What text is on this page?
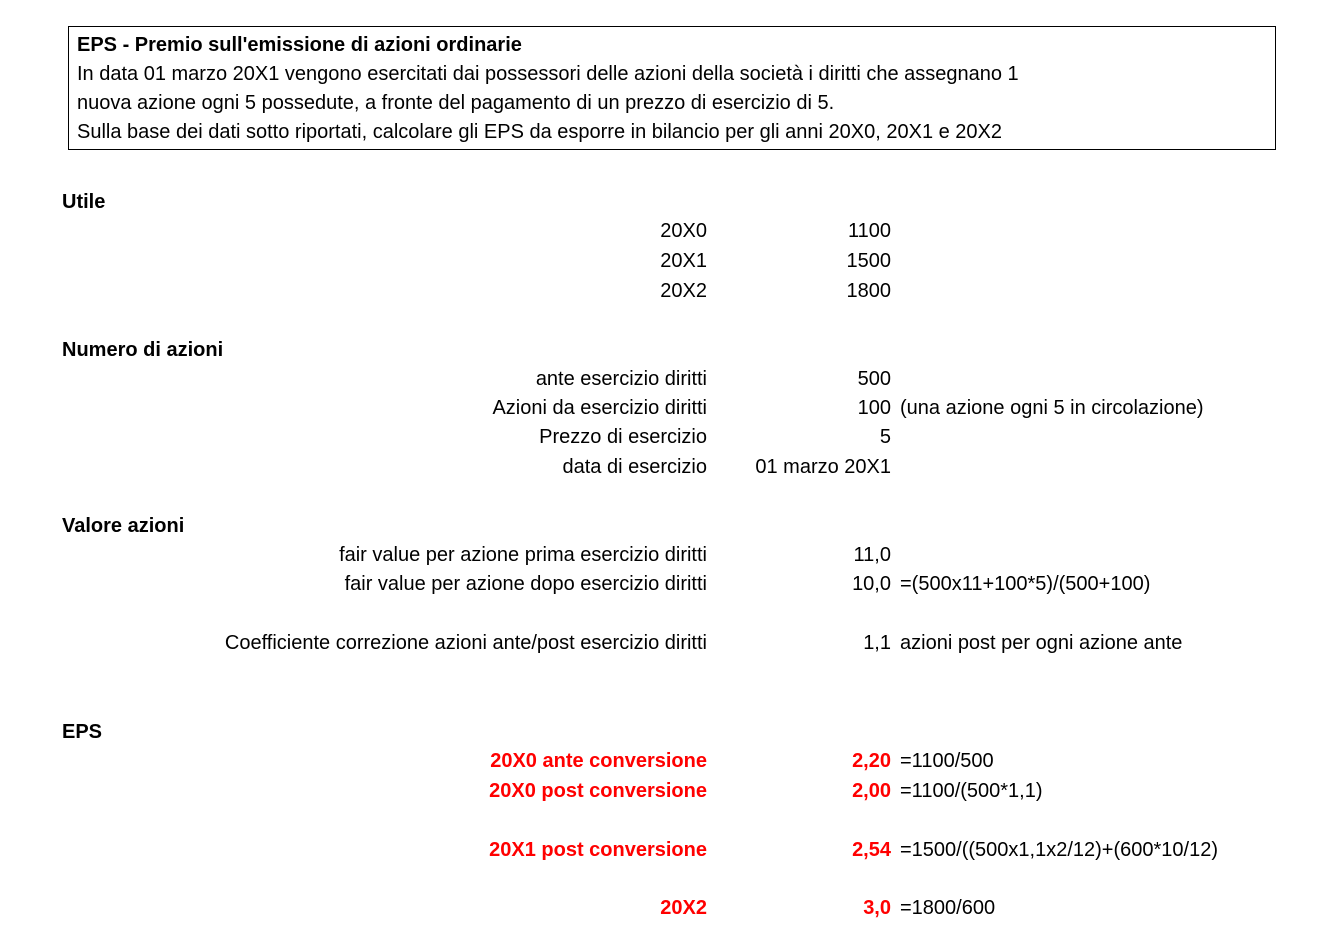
EPS - Premio sull'emissione di azioni ordinarie
In data 01 marzo 20X1 vengono esercitati dai possessori delle azioni della società i diritti che assegnano 1
nuova azione ogni 5 possedute, a fronte del pagamento di un prezzo di esercizio di 5.
Sulla base dei dati sotto riportati, calcolare gli EPS da esporre in bilancio per gli anni 20X0, 20X1 e 20X2
Utile
20X0	1100
20X1	1500
20X2	1800
Numero di azioni
ante esercizio diritti	500
Azioni da esercizio diritti	100 (una azione ogni 5 in circolazione)
Prezzo di esercizio	5
data di esercizio 01 marzo 20X1
Valore azioni
fair value per azione prima esercizio diritti	11,0
fair value per azione dopo esercizio diritti	10,0 =(500x11+100*5)/(500+100)
Coefficiente correzione azioni ante/post esercizio diritti	1,1 azioni post per ogni azione ante
EPS
20X0 ante conversione	2,20 =1100/500
20X0 post conversione	2,00 =1100/(500*1,1)
20X1 post conversione	2,54 =1500/((500x1,1x2/12)+(600*10/12)
20X2	3,0 =1800/600
